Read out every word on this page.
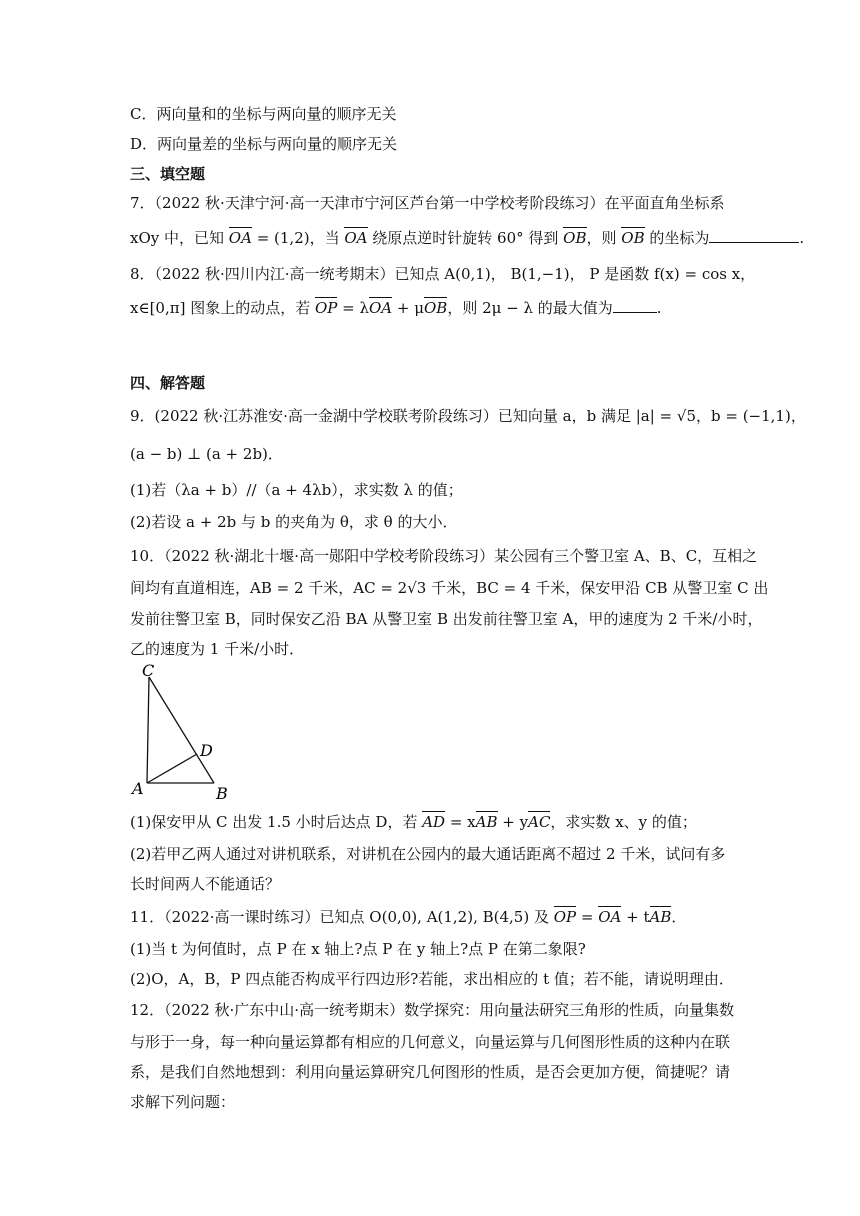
C．两向量和的坐标与两向量的顺序无关
D．两向量差的坐标与两向量的顺序无关
三、填空题
7．（2022 秋·天津宁河·高一天津市宁河区芦台第一中学校考阶段练习）在平面直角坐标系
xOy 中，已知 OA = (1,2)，当 OA 绕原点逆时针旋转 60° 得到 OB，则 OB 的坐标为	.
8．（2022 秋·四川内江·高一统考期末）已知点 A(0,1)， B(1,−1)， P 是函数 f(x) = cos x，
x∈[0,π] 图象上的动点，若 OP = λOA + μOB，则 2μ − λ 的最大值为	.
四、解答题
9．(2022 秋·江苏淮安·高一金湖中学校联考阶段练习）已知向量 a，b 满足 |a| = √5，b = (−1,1)，
(a − b) ⊥ (a + 2b)．
(1)若（λa + b）//（a + 4λb），求实数 λ 的值；
(2)若设 a + 2b 与 b 的夹角为 θ，求 θ 的大小．
10．（2022 秋·湖北十堰·高一郧阳中学校考阶段练习）某公园有三个警卫室 A、B、C，互相之
间均有直道相连，AB = 2 千米，AC = 2√3 千米，BC = 4 千米，保安甲沿 CB 从警卫室 C 出
发前往警卫室 B，同时保安乙沿 BA 从警卫室 B 出发前往警卫室 A，甲的速度为 2 千米/小时，
乙的速度为 1 千米/小时．
C
D
A	B
(1)保安甲从 C 出发 1.5 小时后达点 D，若 AD = xAB + yAC，求实数 x、y 的值；
(2)若甲乙两人通过对讲机联系，对讲机在公园内的最大通话距离不超过 2 千米，试问有多
长时间两人不能通话？
11．（2022·高一课时练习）已知点 O(0,0), A(1,2), B(4,5) 及 OP = OA + tAB．
(1)当 t 为何值时，点 P 在 x 轴上?点 P 在 y 轴上?点 P 在第二象限?
(2)O，A，B，P 四点能否构成平行四边形?若能，求出相应的 t 值；若不能，请说明理由．
12．（2022 秋·广东中山·高一统考期末）数学探究：用向量法研究三角形的性质，向量集数
与形于一身，每一种向量运算都有相应的几何意义，向量运算与几何图形性质的这种内在联
系，是我们自然地想到：利用向量运算研究几何图形的性质，是否会更加方便，简捷呢？请
求解下列问题：
